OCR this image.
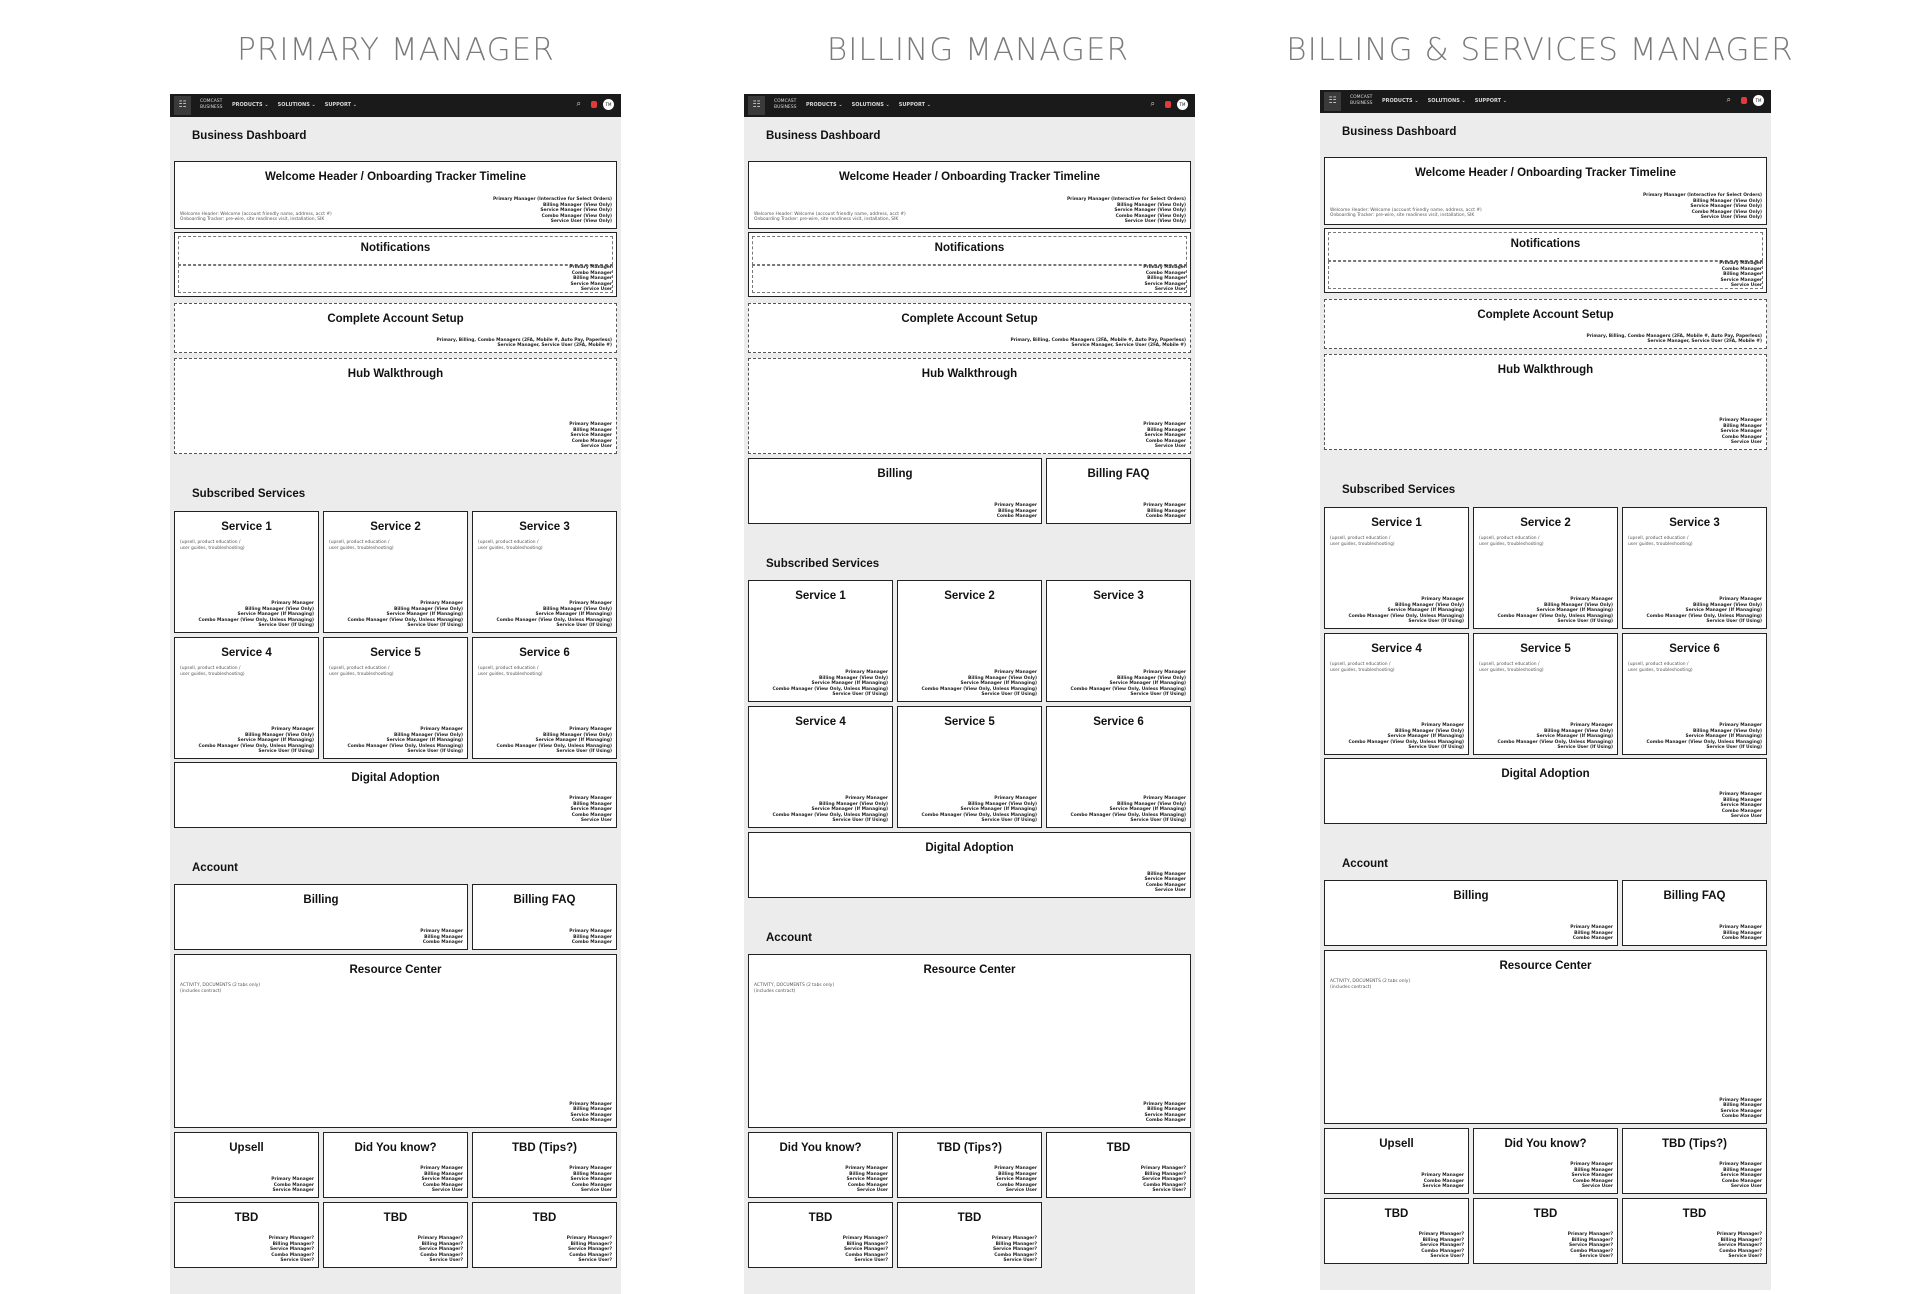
PRIMARY MANAGER
☷	COMCAST
BUSINESS PRODUCTS ⌄ SOLUTIONS ⌄ SUPPORT ⌄	⌕	TM
Business Dashboard
Welcome Header / Onboarding Tracker Timeline
Welcome Header: Welcome (account friendly name, address, acct #)
Onboarding Tracker: pre-wire, site readiness visit, installation, SIK
Primary Manager (Interactive for Select Orders)
Billing Manager (View Only)
Service Manager (View Only)
Combo Manager (View Only)
Service User (View Only)
Notifications
Primary Manager
Combo Manager
Billing Manager
Service Manager
Service User
Complete Account Setup
Primary, Billing, Combo Managers (2FA, Mobile #, Auto Pay, Paperless)
Service Manager, Service User (2FA, Mobile #)
Hub Walkthrough
Primary Manager
Billing Manager
Service Manager
Combo Manager
Service User
Subscribed Services
Service 1
(upsell, product education /
user guides, troubleshooting)
Primary Manager
Billing Manager (View Only)
Service Manager (If Managing)
Combo Manager (View Only, Unless Managing)
Service User (If Using)
Service 2
(upsell, product education /
user guides, troubleshooting)
Primary Manager
Billing Manager (View Only)
Service Manager (If Managing)
Combo Manager (View Only, Unless Managing)
Service User (If Using)
Service 3
(upsell, product education /
user guides, troubleshooting)
Primary Manager
Billing Manager (View Only)
Service Manager (If Managing)
Combo Manager (View Only, Unless Managing)
Service User (If Using)
Service 4
(upsell, product education /
user guides, troubleshooting)
Primary Manager
Billing Manager (View Only)
Service Manager (If Managing)
Combo Manager (View Only, Unless Managing)
Service User (If Using)
Service 5
(upsell, product education /
user guides, troubleshooting)
Primary Manager
Billing Manager (View Only)
Service Manager (If Managing)
Combo Manager (View Only, Unless Managing)
Service User (If Using)
Service 6
(upsell, product education /
user guides, troubleshooting)
Primary Manager
Billing Manager (View Only)
Service Manager (If Managing)
Combo Manager (View Only, Unless Managing)
Service User (If Using)
Digital Adoption
Primary Manager
Billing Manager
Service Manager
Combo Manager
Service User
Account
Billing
Primary Manager
Billing Manager
Combo Manager
Billing FAQ
Primary Manager
Billing Manager
Combo Manager
Resource Center
ACTIVITY, DOCUMENTS (2 tabs only)
(includes contract)
Primary Manager
Billing Manager
Service Manager
Combo Manager
Upsell
Primary Manager
Combo Manager
Service Manager
Did You know?
Primary Manager
Billing Manager
Service Manager
Combo Manager
Service User
TBD (Tips?)
Primary Manager
Billing Manager
Service Manager
Combo Manager
Service User
TBD
Primary Manager?
Billing Manager?
Service Manager?
Combo Manager?
Service User?
TBD
Primary Manager?
Billing Manager?
Service Manager?
Combo Manager?
Service User?
TBD
Primary Manager?
Billing Manager?
Service Manager?
Combo Manager?
Service User?
BILLING MANAGER
☷	COMCAST
BUSINESS PRODUCTS ⌄ SOLUTIONS ⌄ SUPPORT ⌄	⌕	TM
Business Dashboard
Welcome Header / Onboarding Tracker Timeline
Welcome Header: Welcome (account friendly name, address, acct #)
Onboarding Tracker: pre-wire, site readiness visit, installation, SIK
Primary Manager (Interactive for Select Orders)
Billing Manager (View Only)
Service Manager (View Only)
Combo Manager (View Only)
Service User (View Only)
Notifications
Primary Manager
Combo Manager
Billing Manager
Service Manager
Service User
Complete Account Setup
Primary, Billing, Combo Managers (2FA, Mobile #, Auto Pay, Paperless)
Service Manager, Service User (2FA, Mobile #)
Hub Walkthrough
Primary Manager
Billing Manager
Service Manager
Combo Manager
Service User
Billing
Primary Manager
Billing Manager
Combo Manager
Billing FAQ
Primary Manager
Billing Manager
Combo Manager
Subscribed Services
Service 1
Primary Manager
Billing Manager (View Only)
Service Manager (If Managing)
Combo Manager (View Only, Unless Managing)
Service User (If Using)
Service 2
Primary Manager
Billing Manager (View Only)
Service Manager (If Managing)
Combo Manager (View Only, Unless Managing)
Service User (If Using)
Service 3
Primary Manager
Billing Manager (View Only)
Service Manager (If Managing)
Combo Manager (View Only, Unless Managing)
Service User (If Using)
Service 4
Primary Manager
Billing Manager (View Only)
Service Manager (If Managing)
Combo Manager (View Only, Unless Managing)
Service User (If Using)
Service 5
Primary Manager
Billing Manager (View Only)
Service Manager (If Managing)
Combo Manager (View Only, Unless Managing)
Service User (If Using)
Service 6
Primary Manager
Billing Manager (View Only)
Service Manager (If Managing)
Combo Manager (View Only, Unless Managing)
Service User (If Using)
Digital Adoption
Billing Manager
Service Manager
Combo Manager
Service User
Account
Resource Center
ACTIVITY, DOCUMENTS (2 tabs only)
(includes contract)
Primary Manager
Billing Manager
Service Manager
Combo Manager
Did You know?
Primary Manager
Billing Manager
Service Manager
Combo Manager
Service User
TBD (Tips?)
Primary Manager
Billing Manager
Service Manager
Combo Manager
Service User
TBD
Primary Manager?
Billing Manager?
Service Manager?
Combo Manager?
Service User?
TBD
Primary Manager?
Billing Manager?
Service Manager?
Combo Manager?
Service User?
TBD
Primary Manager?
Billing Manager?
Service Manager?
Combo Manager?
Service User?
BILLING & SERVICES MANAGER
☷	COMCAST
BUSINESS PRODUCTS ⌄ SOLUTIONS ⌄ SUPPORT ⌄	⌕	TM
Business Dashboard
Welcome Header / Onboarding Tracker Timeline
Welcome Header: Welcome (account friendly name, address, acct #)
Onboarding Tracker: pre-wire, site readiness visit, installation, SIK
Primary Manager (Interactive for Select Orders)
Billing Manager (View Only)
Service Manager (View Only)
Combo Manager (View Only)
Service User (View Only)
Notifications
Primary Manager
Combo Manager
Billing Manager
Service Manager
Service User
Complete Account Setup
Primary, Billing, Combo Managers (2FA, Mobile #, Auto Pay, Paperless)
Service Manager, Service User (2FA, Mobile #)
Hub Walkthrough
Primary Manager
Billing Manager
Service Manager
Combo Manager
Service User
Subscribed Services
Service 1
(upsell, product education /
user guides, troubleshooting)
Primary Manager
Billing Manager (View Only)
Service Manager (If Managing)
Combo Manager (View Only, Unless Managing)
Service User (If Using)
Service 2
(upsell, product education /
user guides, troubleshooting)
Primary Manager
Billing Manager (View Only)
Service Manager (If Managing)
Combo Manager (View Only, Unless Managing)
Service User (If Using)
Service 3
(upsell, product education /
user guides, troubleshooting)
Primary Manager
Billing Manager (View Only)
Service Manager (If Managing)
Combo Manager (View Only, Unless Managing)
Service User (If Using)
Service 4
(upsell, product education /
user guides, troubleshooting)
Primary Manager
Billing Manager (View Only)
Service Manager (If Managing)
Combo Manager (View Only, Unless Managing)
Service User (If Using)
Service 5
(upsell, product education /
user guides, troubleshooting)
Primary Manager
Billing Manager (View Only)
Service Manager (If Managing)
Combo Manager (View Only, Unless Managing)
Service User (If Using)
Service 6
(upsell, product education /
user guides, troubleshooting)
Primary Manager
Billing Manager (View Only)
Service Manager (If Managing)
Combo Manager (View Only, Unless Managing)
Service User (If Using)
Digital Adoption
Primary Manager
Billing Manager
Service Manager
Combo Manager
Service User
Account
Billing
Primary Manager
Billing Manager
Combo Manager
Billing FAQ
Primary Manager
Billing Manager
Combo Manager
Resource Center
ACTIVITY, DOCUMENTS (2 tabs only)
(includes contract)
Primary Manager
Billing Manager
Service Manager
Combo Manager
Upsell
Primary Manager
Combo Manager
Service Manager
Did You know?
Primary Manager
Billing Manager
Service Manager
Combo Manager
Service User
TBD (Tips?)
Primary Manager
Billing Manager
Service Manager
Combo Manager
Service User
TBD
Primary Manager?
Billing Manager?
Service Manager?
Combo Manager?
Service User?
TBD
Primary Manager?
Billing Manager?
Service Manager?
Combo Manager?
Service User?
TBD
Primary Manager?
Billing Manager?
Service Manager?
Combo Manager?
Service User?
